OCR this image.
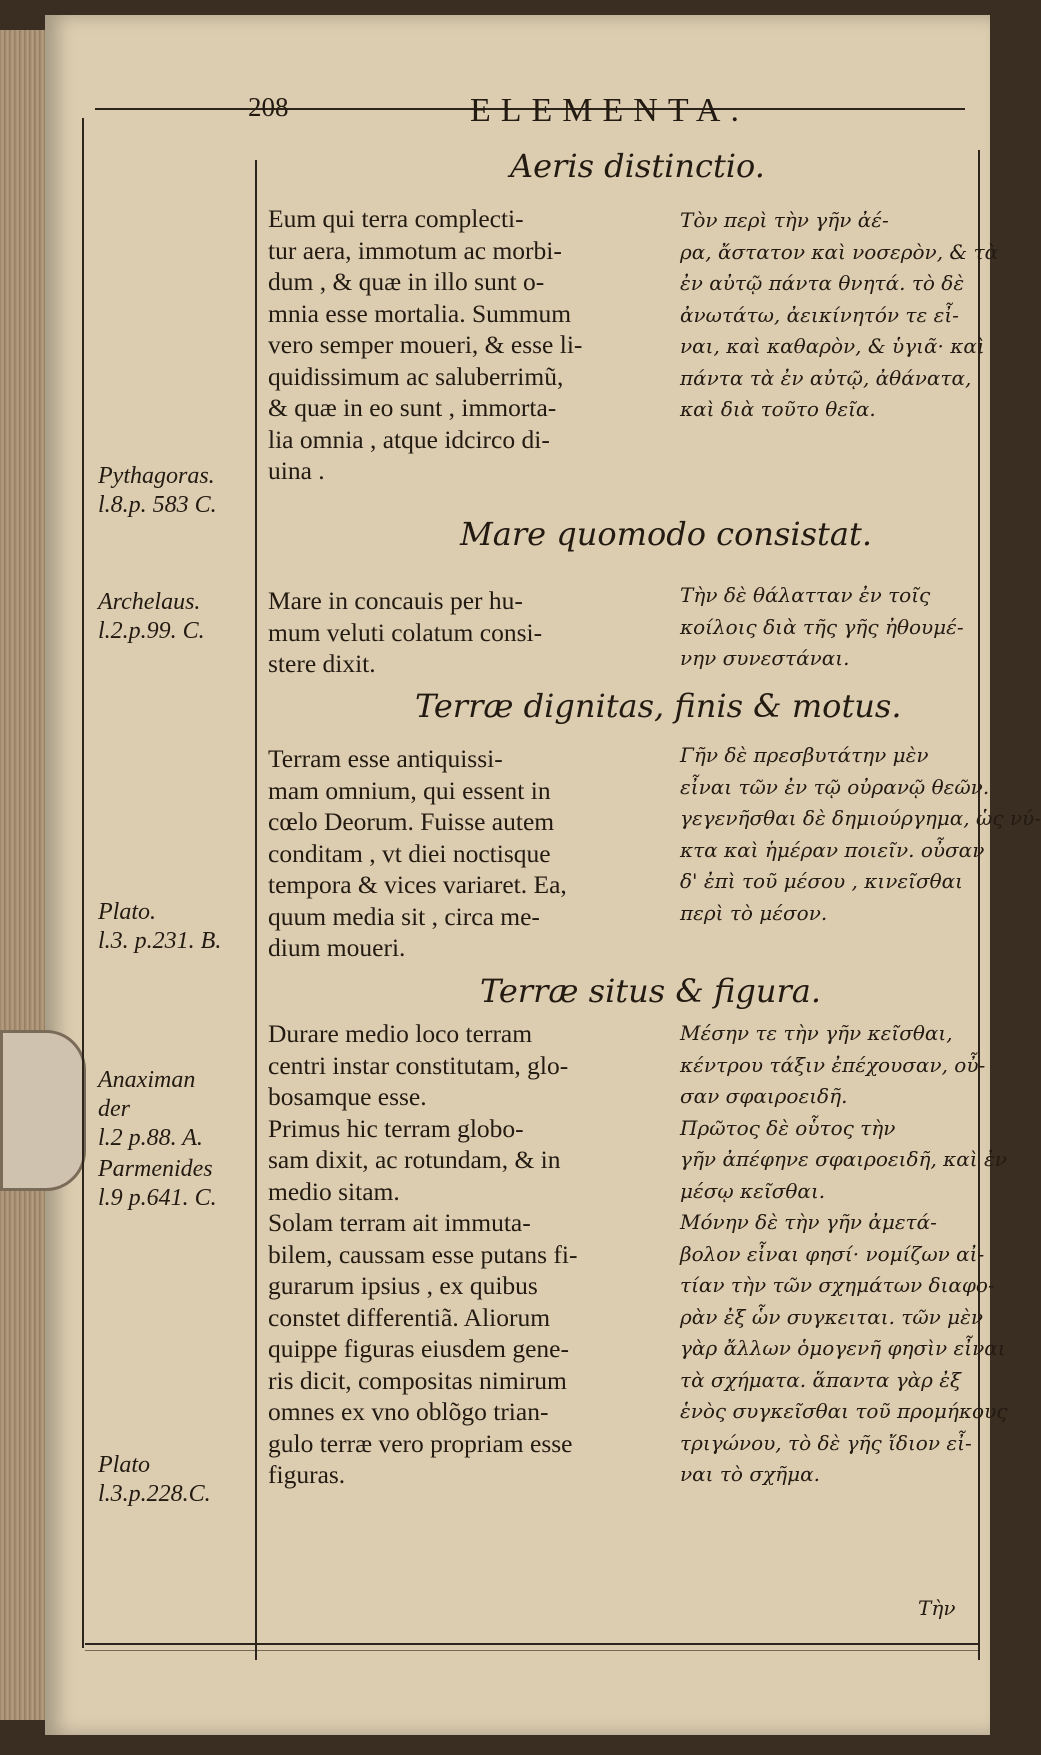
208	ELEMENTA.
Aeris distinctio.
Eum qui terra complecti-
tur aera, immotum ac morbi-
dum , & quæ in illo sunt o-
mnia esse mortalia. Summum
vero semper moueri, & esse li-
quidissimum ac saluberrimũ,
& quæ in eo sunt , immorta-
lia omnia , atque idcirco di-
uina .
Τὸν περὶ τὴν γῆν ἀέ-
ρα, ἄστατον καὶ νοσερὸν, & τὰ
ἐν αὐτῷ πάντα θνητά. τὸ δὲ
ἀνωτάτω, ἀεικίνητόν τε εἶ-
ναι, καὶ καθαρὸν, & ὑγιᾶ· καὶ
πάντα τὰ ἐν αὐτῷ, ἀθάνατα,
καὶ διὰ τοῦτο θεῖα.
Mare quomodo consistat.
Mare in concauis per hu-
mum veluti colatum consi-
stere dixit.
Τὴν δὲ θάλατταν ἐν τοῖς
κοίλοις διὰ τῆς γῆς ἠθουμέ-
νην συνεστάναι.
Terræ dignitas, finis & motus.
Terram esse antiquissi-
mam omnium, qui essent in
cœlo Deorum. Fuisse autem
conditam , vt diei noctisque
tempora & vices variaret. Ea,
quum media sit , circa me-
dium moueri.
Γῆν δὲ πρεσβυτάτην μὲν
εἶναι τῶν ἐν τῷ οὐρανῷ θεῶν.
γεγενῆσθαι δὲ δημιούργημα, ὡς νύ-
κτα καὶ ἡμέραν ποιεῖν. οὖσαν
δ' ἐπὶ τοῦ μέσου , κινεῖσθαι
περὶ τὸ μέσον.
Terræ situs & figura.
Durare medio loco terram
centri instar constitutam, glo-
bosamque esse.
Primus hic terram globo-
sam dixit, ac rotundam, & in
medio sitam.
Solam terram ait immuta-
bilem, caussam esse putans fi-
gurarum ipsius , ex quibus
constet differentiã. Aliorum
quippe figuras eiusdem gene-
ris dicit, compositas nimirum
omnes ex vno oblõgo trian-
gulo terræ vero propriam esse
figuras.
Μέσην τε τὴν γῆν κεῖσθαι,
κέντρου τάξιν ἐπέχουσαν, οὖ-
σαν σφαιροειδῆ.
Πρῶτος δὲ οὗτος τὴν
γῆν ἀπέφηνε σφαιροειδῆ, καὶ ἐν
μέσῳ κεῖσθαι.
Μόνην δὲ τὴν γῆν ἀμετά-
βολον εἶναι φησί· νομίζων αἰ-
τίαν τὴν τῶν σχημάτων διαφο-
ρὰν ἐξ ὧν συγκειται. τῶν μὲν
γὰρ ἄλλων ὁμογενῆ φησὶν εἶναι
τὰ σχήματα. ἅπαντα γὰρ ἐξ
ἑνὸς συγκεῖσθαι τοῦ προμήκους
τριγώνου, τὸ δὲ γῆς ἴδιον εἶ-
ναι τὸ σχῆμα.
Pythagoras.
l.8.p. 583 C.
Archelaus.
l.2.p.99. C.
Plato.
l.3. p.231. B.
Anaximan
der
l.2 p.88. A.
Parmenides
l.9 p.641. C.
Plato
l.3.p.228.C.
Τὴν
